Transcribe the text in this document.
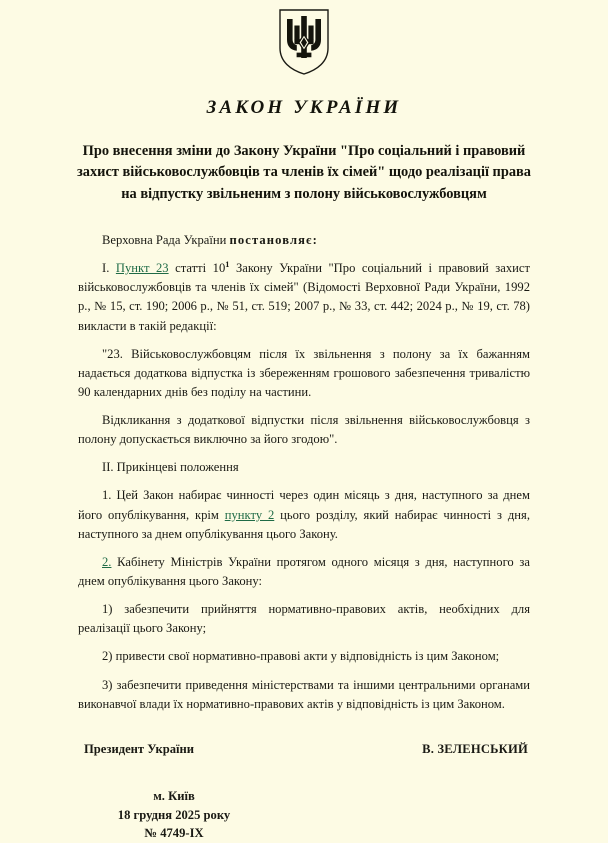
ЗАКОН УКРАЇНИ
Про внесення зміни до Закону України "Про соціальний і правовий захист військовослужбовців та членів їх сімей" щодо реалізації права на відпустку звільненим з полону військовослужбовцям

Верховна Рада України постановляє:

I. Пункт 23 статті $10^1$ Закону України "Про соціальний і правовий захист військовослужбовців та членів їх сімей" (Відомості Верховної Ради України, 1992 р., № 15, ст. 190; 2006 р., № 51, ст. 519; 2007 р., № 33, ст. 442; 2024 р., № 19, ст. 78) викласти в такій редакції:

"23. Військовослужбовцям після їх звільнення з полону за їх бажанням надається додаткова відпустка із збереженням грошового забезпечення тривалістю 90 календарних днів без поділу на частини.

Відкликання з додаткової відпустки після звільнення військовослужбовця з полону допускається виключно за його згодою".

II. Прикінцеві положення

1. Цей Закон набирає чинності через один місяць з дня, наступного за днем його опублікування, крім пункту 2 цього розділу, який набирає чинності з дня, наступного за днем опублікування цього Закону.

2. Кабінету Міністрів України протягом одного місяця з дня, наступного за днем опублікування цього Закону:

1) забезпечити прийняття нормативно-правових актів, необхідних для реалізації цього Закону;

2) привести свої нормативно-правові акти у відповідність із цим Законом;

3) забезпечити приведення міністерствами та іншими центральними органами виконавчої влади їх нормативно-правових актів у відповідність із цим Законом.

Президент України	В. ЗЕЛЕНСЬКИЙ
м. Київ
18 грудня 2025 року
№ 4749-IX
